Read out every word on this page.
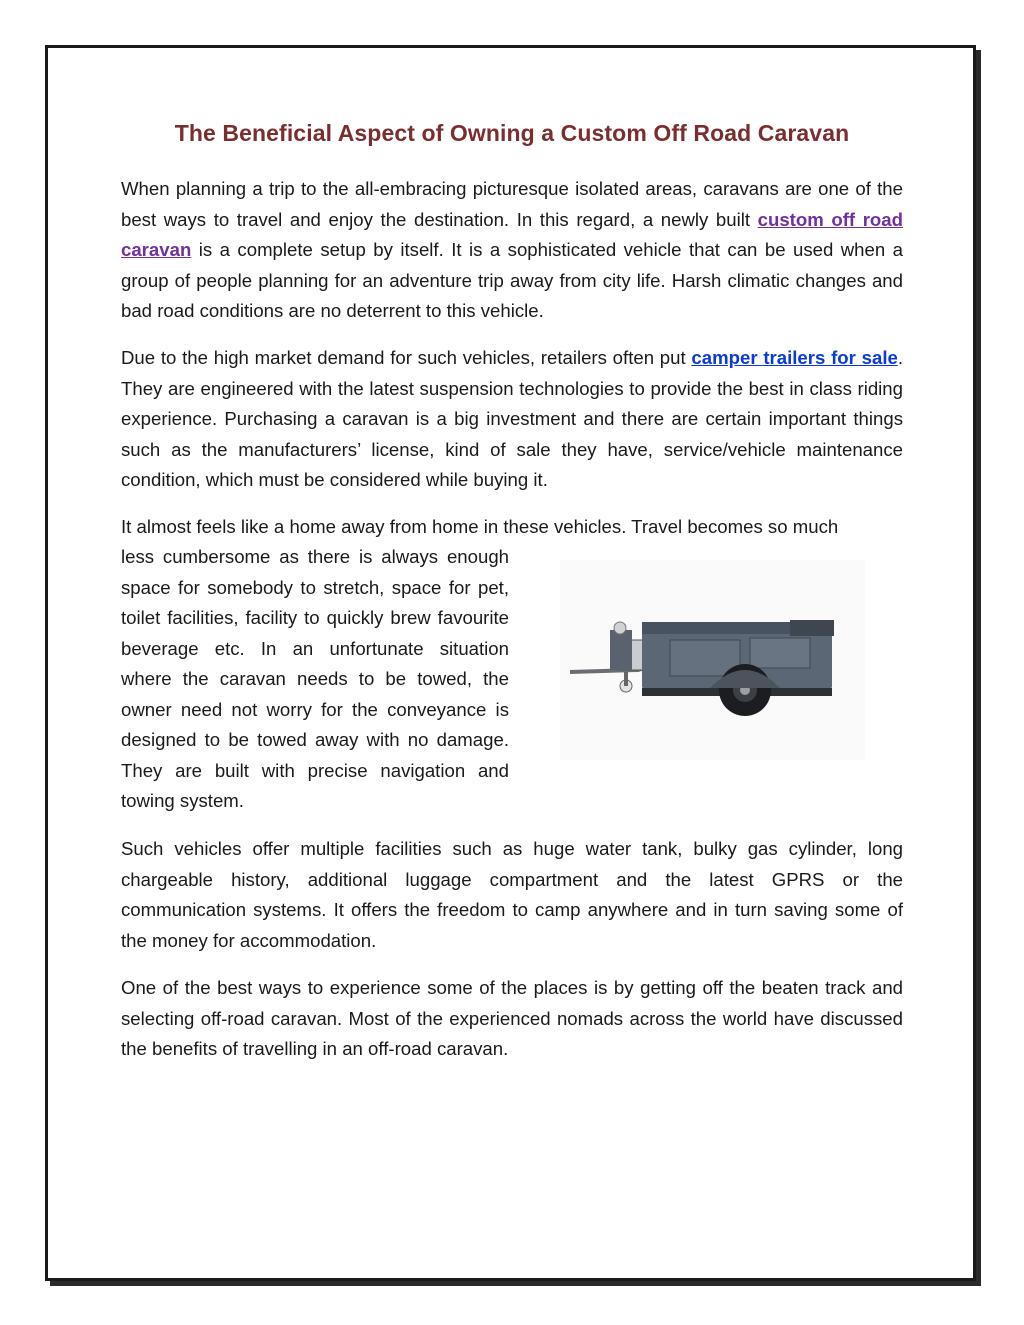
The Beneficial Aspect of Owning a Custom Off Road Caravan
When planning a trip to the all-embracing picturesque isolated areas, caravans are one of the best ways to travel and enjoy the destination. In this regard, a newly built custom off road caravan is a complete setup by itself. It is a sophisticated vehicle that can be used when a group of people planning for an adventure trip away from city life. Harsh climatic changes and bad road conditions are no deterrent to this vehicle.
Due to the high market demand for such vehicles, retailers often put camper trailers for sale. They are engineered with the latest suspension technologies to provide the best in class riding experience. Purchasing a caravan is a big investment and there are certain important things such as the manufacturers’ license, kind of sale they have, service/vehicle maintenance condition, which must be considered while buying it.
It almost feels like a home away from home in these vehicles. Travel becomes so much
less cumbersome as there is always enough space for somebody to stretch, space for pet, toilet facilities, facility to quickly brew favourite beverage etc. In an unfortunate situation where the caravan needs to be towed, the owner need not worry for the conveyance is designed to be towed away with no damage. They are built with precise navigation and towing system.
Such vehicles offer multiple facilities such as huge water tank, bulky gas cylinder, long chargeable history, additional luggage compartment and the latest GPRS or the communication systems. It offers the freedom to camp anywhere and in turn saving some of the money for accommodation.
One of the best ways to experience some of the places is by getting off the beaten track and selecting off-road caravan. Most of the experienced nomads across the world have discussed the benefits of travelling in an off-road caravan.
